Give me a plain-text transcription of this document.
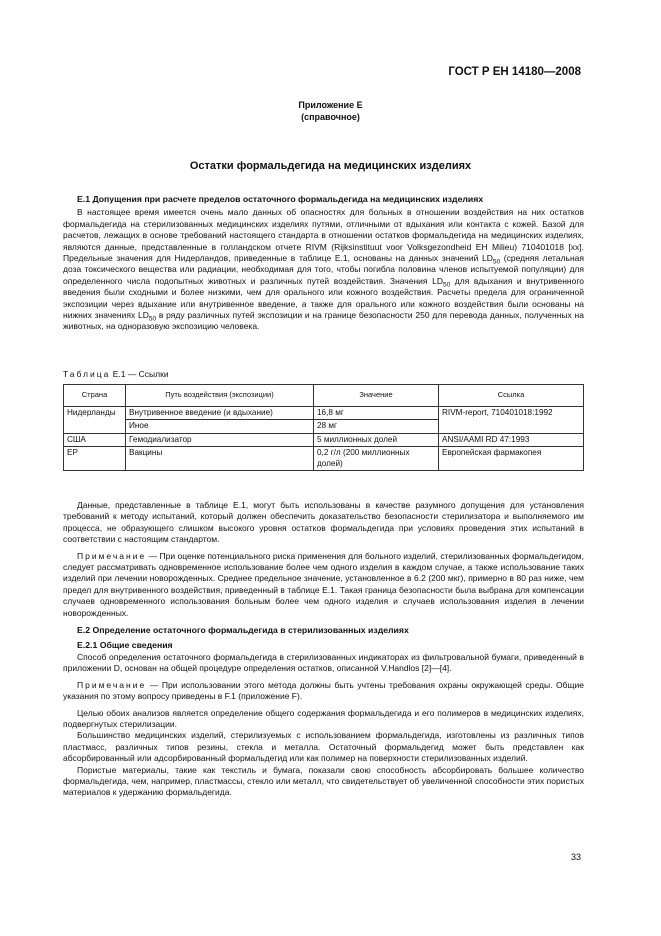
ГОСТ Р ЕН 14180—2008
Приложение Е
(справочное)
Остатки формальдегида на медицинских изделиях

Е.1 Допущения при расчете пределов остаточного формальдегида на медицинских изделиях

В настоящее время имеется очень мало данных об опасностях для больных в отношении воздействия на них остатков формальдегида на стерилизованных медицинских изделиях путями, отличными от вдыхания или контакта с кожей. Базой для расчетов, лежащих в основе требований настоящего стандарта в отношении остатков формальдегида на медицинских изделиях, являются данные, представленные в голландском отчете RIVM (Rijksinstituut voor Volksgezondheid EH Milieu) 710401018 [xx]. Предельные значения для Нидерландов, приведенные в таблице Е.1, основаны на данных значений $LD_{50}$ (средняя летальная доза токсического вещества или радиации, необходимая для того, чтобы погибла половина членов испытуемой популяции) для определенного числа подопытных животных и различных путей воздействия. Значения $LD_{50}$ для вдыхания и внутривенного введения были сходными и более низкими, чем для орального или кожного воздействия. Расчеты предела для ограниченной экспозиции через вдыхание или внутривенное введение, а также для орального или кожного воздействия были основаны на нижних значениях $LD_{50}$ в ряду различных путей экспозиции и на границе безопасности 250 для перевода данных, полученных на животных, на одноразовую экспозицию человека.

Таблица Е.1 — Ссылки
Страна	Путь воздействия (экспозиции)	Значение	Ссылка
Нидерланды	Внутривенное введение (и вдыхание)	16,8 мг	RIVM-report, 710401018:1992
	Иное	28 мг	
США	Гемодиализатор	5 миллионных долей	ANSI/AAMI RD 47:1993
ЕР	Вакцины	0,2 г/л (200 миллионных долей)	Европейская фармакопея

Данные, представленные в таблице Е.1, могут быть использованы в качестве разумного допущения для установления требований к методу испытаний, который должен обеспечить доказательство безопасности стерилизатора и выполняемого им процесса, не образующего слишком высокого уровня остатков формальдегида при условиях проведения этих испытаний в соответствии с настоящим стандартом.

Примечание — При оценке потенциального риска применения для больного изделий, стерилизованных формальдегидом, следует рассматривать одновременное использование более чем одного изделия в каждом случае, а также использование таких изделий при лечении новорожденных. Среднее предельное значение, установленное в 6.2 (200 мкг), примерно в 80 раз ниже, чем предел для внутривенного воздействия, приведенный в таблице Е.1. Такая граница безопасности была выбрана для компенсации случаев одновременного использования больным более чем одного изделия и случаев использования изделия в лечении новорожденных.

Е.2 Определение остаточного формальдегида в стерилизованных изделиях

Е.2.1 Общие сведения

Способ определения остаточного формальдегида в стерилизованных индикаторах из фильтровальной бумаги, приведенный в приложении D, основан на общей процедуре определения остатков, описанной V.Handlos [2]—[4].

Примечание — При использовании этого метода должны быть учтены требования охраны окружающей среды. Общие указания по этому вопросу приведены в F.1 (приложение F).

Целью обоих анализов является определение общего содержания формальдегида и его полимеров в медицинских изделиях, подвергнутых стерилизации.

Большинство медицинских изделий, стерилизуемых с использованием формальдегида, изготовлены из различных типов пластмасс, различных типов резины, стекла и металла. Остаточный формальдегид может быть представлен как абсорбированный или адсорбированный формальдегид или как полимер на поверхности стерилизованных изделий.

Пористые материалы, такие как текстиль и бумага, показали свою способность абсорбировать большее количество формальдегида, чем, например, пластмассы, стекло или металл, что свидетельствует об увеличенной способности этих пористых материалов к удержанию формальдегида.

33
